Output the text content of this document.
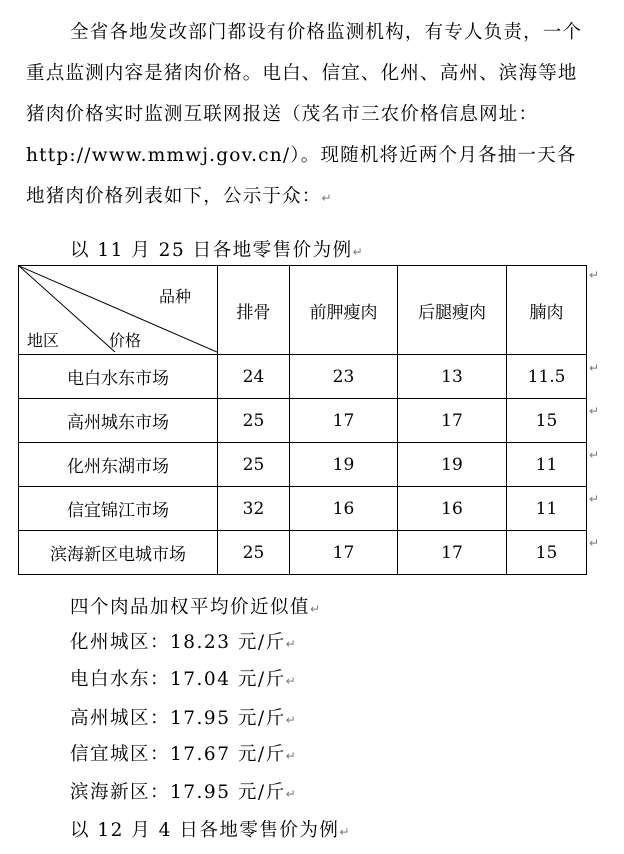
全省各地发改部门都设有价格监测机构，有专人负责，一个重点监测内容是猪肉价格。电白、信宜、化州、高州、滨海等地猪肉价格实时监测互联网报送（茂名市三农价格信息网址：http://www.mmwj.gov.cn/）。现随机将近两个月各抽一天各地猪肉价格列表如下，公示于众：↵

以 11 月 25 日各地零售价为例↵
品种
地区 价格	排骨	前胛瘦肉	后腿瘦肉	腩肉
电白水东市场	24	23	13	11.5
高州城东市场	25	17	17	15
化州东湖市场	25	19	19	11
信宜锦江市场	32	16	16	11
滨海新区电城市场	25	17	17	15
↵
↵
↵
↵
↵
↵
四个肉品加权平均价近似值↵
化州城区：18.23 元/斤↵
电白水东：17.04 元/斤↵
高州城区：17.95 元/斤↵
信宜城区：17.67 元/斤↵
滨海新区：17.95 元/斤↵
以 12 月 4 日各地零售价为例↵
